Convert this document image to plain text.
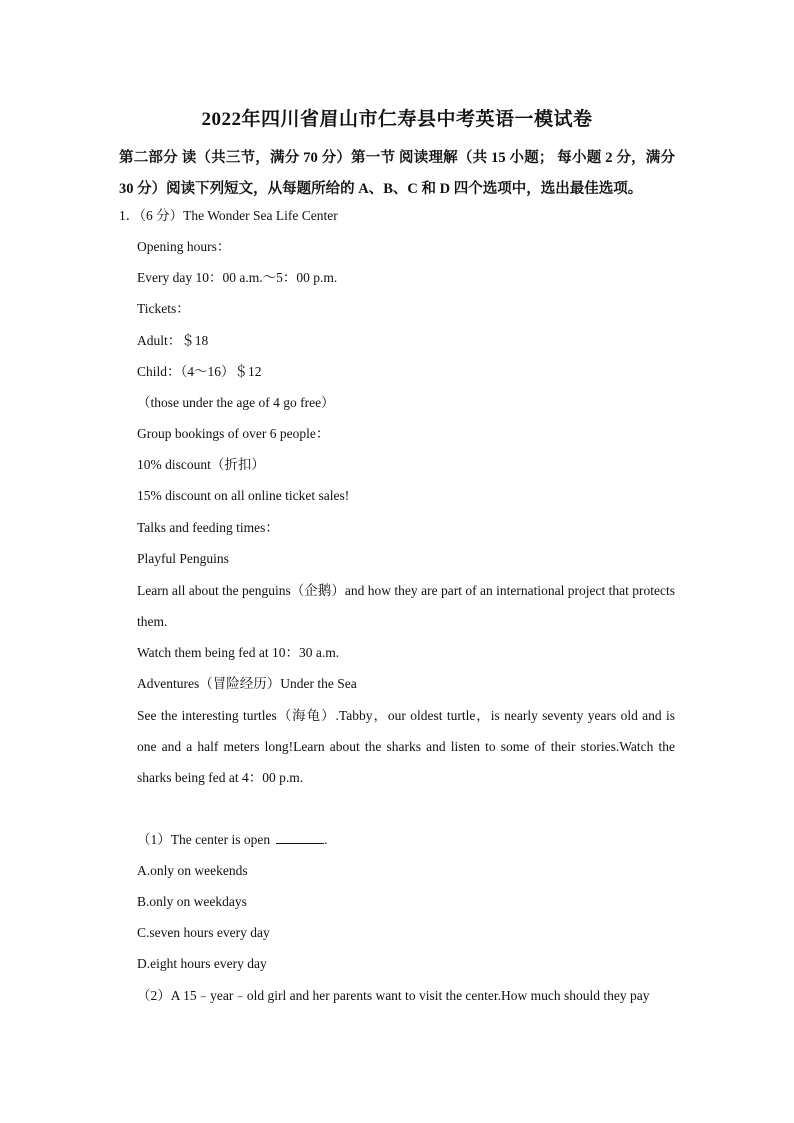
2022年四川省眉山市仁寿县中考英语一模试卷
第二部分 读（共三节，满分 70 分）第一节 阅读理解（共 15 小题； 每小题 2 分，满分 30 分）阅读下列短文，从每题所给的 A、B、C 和 D 四个选项中，选出最佳选项。
1．（6 分）The Wonder Sea Life Center
Opening hours：
Every day 10：00 a.m.～5：00 p.m.
Tickets：
Adult：＄18
Child：（4～16）＄12
（those under the age of 4 go free）
Group bookings of over 6 people：
10% discount（折扣）
15% discount on all online ticket sales!
Talks and feeding times：
Playful Penguins
Learn all about the penguins（企鹅）and how they are part of an international project that protects them.
Watch them being fed at 10：30 a.m.
Adventures（冒险经历）Under the Sea
See the interesting turtles（海龟）.Tabby，our oldest turtle，is nearly seventy years old and is one and a half meters long!Learn about the sharks and listen to some of their stories.Watch the sharks being fed at 4：00 p.m.
（1）The center is open	.
A.only on weekends
B.only on weekdays
C.seven hours every day
D.eight hours every day
（2）A 15﹣year﹣old girl and her parents want to visit the center.How much should they pay
